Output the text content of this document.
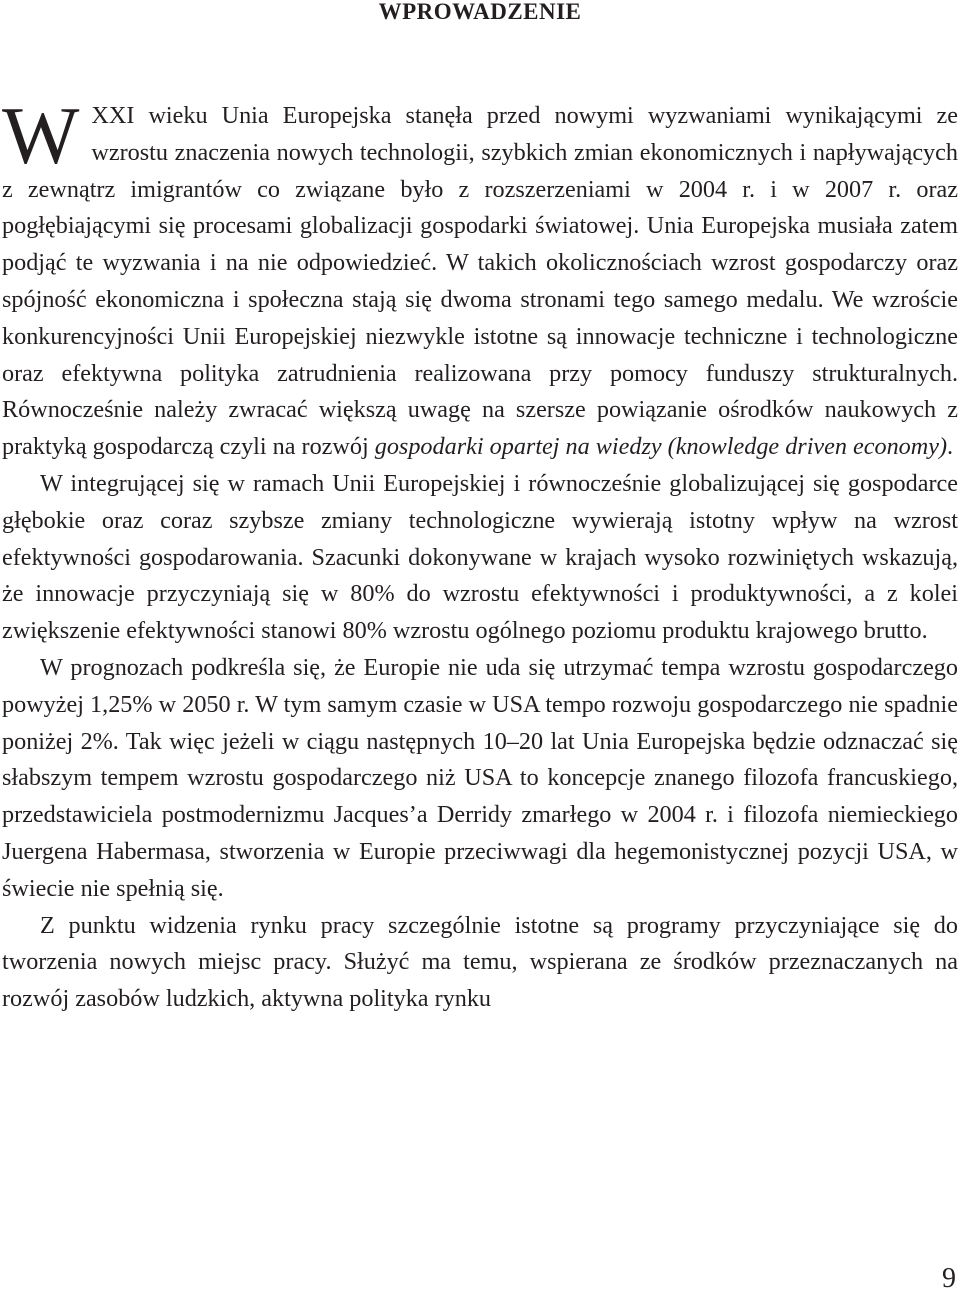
WPROWADZENIE

W XXI wieku Unia Europejska stanęła przed nowymi wyzwaniami wynikającymi ze wzrostu znaczenia nowych technologii, szybkich zmian ekonomicznych i napływających z zewnątrz imigrantów co związane było z rozszerzeniami w 2004 r. i w 2007 r. oraz pogłębiającymi się procesami globalizacji gospodarki światowej. Unia Europejska musiała zatem podjąć te wyzwania i na nie odpowiedzieć. W takich okolicznościach wzrost gospodarczy oraz spójność ekonomiczna i społeczna stają się dwoma stronami tego samego medalu. We wzroście konkurencyjności Unii Europejskiej niezwykle istotne są innowacje techniczne i technologiczne oraz efektywna polityka zatrudnienia realizowana przy pomocy funduszy strukturalnych. Równocześnie należy zwracać większą uwagę na szersze powiązanie ośrodków naukowych z praktyką gospodarczą czyli na rozwój gospodarki opartej na wiedzy (knowledge driven economy).

W integrującej się w ramach Unii Europejskiej i równocześnie globalizującej się gospodarce głębokie oraz coraz szybsze zmiany technologiczne wywierają istotny wpływ na wzrost efektywności gospodarowania. Szacunki dokonywane w krajach wysoko rozwiniętych wskazują, że innowacje przyczyniają się w 80% do wzrostu efektywności i produktywności, a z kolei zwiększenie efektywności stanowi 80% wzrostu ogólnego poziomu produktu krajowego brutto.

W prognozach podkreśla się, że Europie nie uda się utrzymać tempa wzrostu gospodarczego powyżej 1,25% w 2050 r. W tym samym czasie w USA tempo rozwoju gospodarczego nie spadnie poniżej 2%. Tak więc jeżeli w ciągu następnych 10–20 lat Unia Europejska będzie odznaczać się słabszym tempem wzrostu gospodarczego niż USA to koncepcje znanego filozofa francuskiego, przedstawiciela postmodernizmu Jacques’a Derridy zmarłego w 2004 r. i filozofa niemieckiego Juergena Habermasa, stworzenia w Europie przeciwwagi dla hegemonistycznej pozycji USA, w świecie nie spełnią się.

Z punktu widzenia rynku pracy szczególnie istotne są programy przyczyniające się do tworzenia nowych miejsc pracy. Służyć ma temu, wspierana ze środków przeznaczanych na rozwój zasobów ludzkich, aktywna polityka rynku

9
